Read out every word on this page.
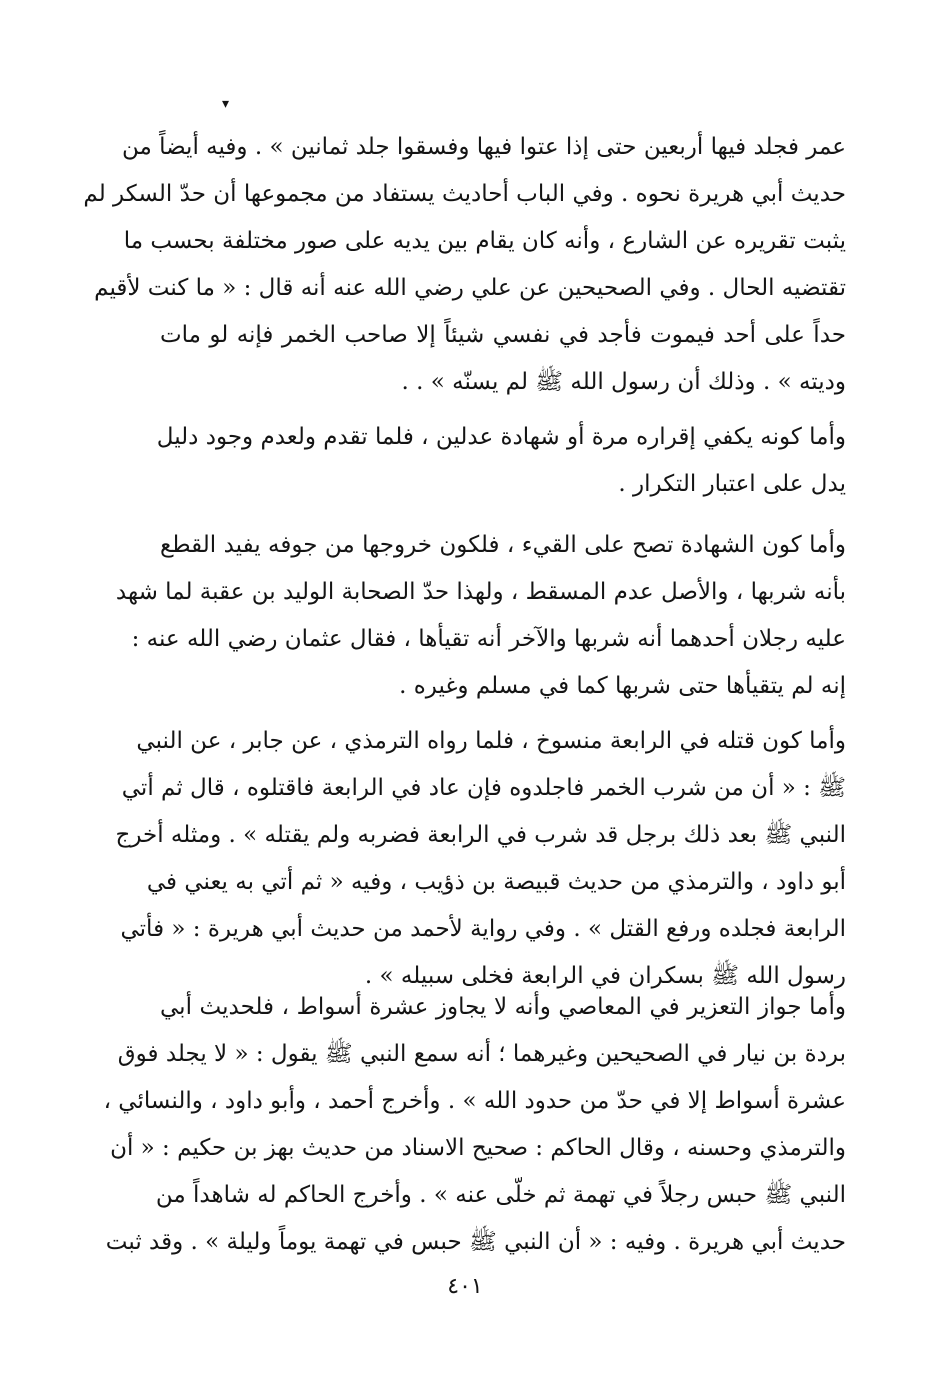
▾
عمر فجلد فيها أربعين حتى إذا عتوا فيها وفسقوا جلد ثمانين » . وفيه أيضاً من
حديث أبي هريرة نحوه . وفي الباب أحاديث يستفاد من مجموعها أن حدّ السكر لم
يثبت تقريره عن الشارع ، وأنه كان يقام بين يديه على صور مختلفة بحسب ما
تقتضيه الحال . وفي الصحيحين عن علي رضي الله عنه أنه قال : « ما كنت لأقيم
حداً على أحد فيموت فأجد في نفسي شيئاً إلا صاحب الخمر فإنه لو مات
وديته » . وذلك أن رسول الله ﷺ لم يسنّه » . .
وأما كونه يكفي إقراره مرة أو شهادة عدلين ، فلما تقدم ولعدم وجود دليل
يدل على اعتبار التكرار .
وأما كون الشهادة تصح على القيء ، فلكون خروجها من جوفه يفيد القطع
بأنه شربها ، والأصل عدم المسقط ، ولهذا حدّ الصحابة الوليد بن عقبة لما شهد
عليه رجلان أحدهما أنه شربها والآخر أنه تقيأها ، فقال عثمان رضي الله عنه :
إنه لم يتقيأها حتى شربها كما في مسلم وغيره .
وأما كون قتله في الرابعة منسوخ ، فلما رواه الترمذي ، عن جابر ، عن النبي
ﷺ : « أن من شرب الخمر فاجلدوه فإن عاد في الرابعة فاقتلوه ، قال ثم أتي
النبي ﷺ بعد ذلك برجل قد شرب في الرابعة فضربه ولم يقتله » . ومثله أخرج
أبو داود ، والترمذي من حديث قبيصة بن ذؤيب ، وفيه « ثم أتي به يعني في
الرابعة فجلده ورفع القتل » . وفي رواية لأحمد من حديث أبي هريرة : « فأتي
رسول الله ﷺ بسكران في الرابعة فخلى سبيله » .
وأما جواز التعزير في المعاصي وأنه لا يجاوز عشرة أسواط ، فلحديث أبي
بردة بن نيار في الصحيحين وغيرهما ؛ أنه سمع النبي ﷺ يقول : « لا يجلد فوق
عشرة أسواط إلا في حدّ من حدود الله » . وأخرج أحمد ، وأبو داود ، والنسائي ،
والترمذي وحسنه ، وقال الحاكم : صحيح الاسناد من حديث بهز بن حكيم : « أن
النبي ﷺ حبس رجلاً في تهمة ثم خلّى عنه » . وأخرج الحاكم له شاهداً من
حديث أبي هريرة . وفيه : « أن النبي ﷺ حبس في تهمة يوماً وليلة » . وقد ثبت
٤٠١
